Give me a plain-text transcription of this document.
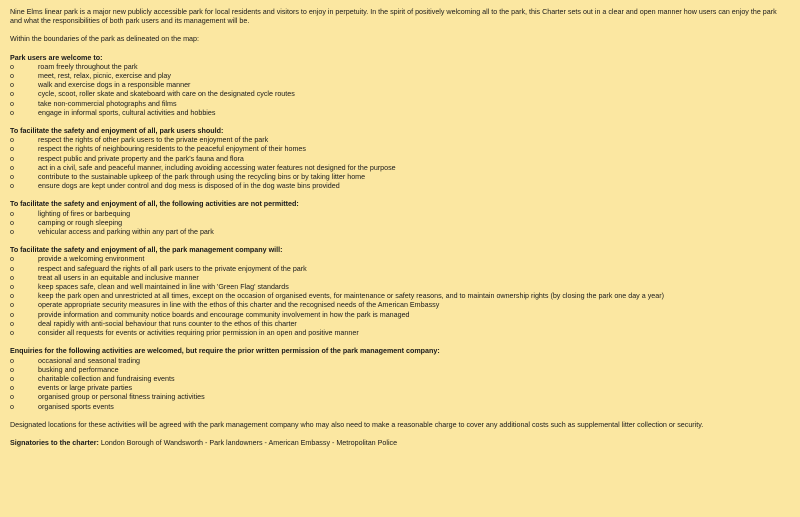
Nine Elms linear park is a major new publicly accessible park for local residents and visitors to enjoy in perpetuity. In the spirit of positively welcoming all to the park, this Charter sets out in a clear and open manner how users can enjoy the park and what the responsibilities of both park users and its management will be.

Within the boundaries of the park as delineated on the map:

Park users are welcome to:

o	roam freely throughout the park
o	meet, rest, relax, picnic, exercise and play
o	walk and exercise dogs in a responsible manner
o	cycle, scoot, roller skate and skateboard with care on the designated cycle routes
o	take non-commercial photographs and films
o	engage in informal sports, cultural activities and hobbies

To facilitate the safety and enjoyment of all, park users should:

o	respect the rights of other park users to the private enjoyment of the park
o	respect the rights of neighbouring residents to the peaceful enjoyment of their homes
o	respect public and private property and the park's fauna and flora
o	act in a civil, safe and peaceful manner, including avoiding accessing water features not designed for the purpose
o	contribute to the sustainable upkeep of the park through using the recycling bins or by taking litter home
o	ensure dogs are kept under control and dog mess is disposed of in the dog waste bins provided

To facilitate the safety and enjoyment of all, the following activities are not permitted:

o	lighting of fires or barbequing
o	camping or rough sleeping
o	vehicular access and parking within any part of the park

To facilitate the safety and enjoyment of all, the park management company will:

o	provide a welcoming environment
o	respect and safeguard the rights of all park users to the private enjoyment of the park
o	treat all users in an equitable and inclusive manner
o	keep spaces safe, clean and well maintained in line with 'Green Flag' standards
o	keep the park open and unrestricted at all times, except on the occasion of organised events, for maintenance or safety reasons, and to maintain ownership rights (by closing the park one day a year)
o	operate appropriate security measures in line with the ethos of this charter and the recognised needs of the American Embassy
o	provide information and community notice boards and encourage community involvement in how the park is managed
o	deal rapidly with anti-social behaviour that runs counter to the ethos of this charter
o	consider all requests for events or activities requiring prior permission in an open and positive manner

Enquiries for the following activities are welcomed, but require the prior written permission of the park management company:

o	occasional and seasonal trading
o	busking and performance
o	charitable collection and fundraising events
o	events or large private parties
o	organised group or personal fitness training activities
o	organised sports events

Designated locations for these activities will be agreed with the park management company who may also need to make a reasonable charge to cover any additional costs such as supplemental litter collection or security.

Signatories to the charter: London Borough of Wandsworth - Park landowners - American Embassy - Metropolitan Police
